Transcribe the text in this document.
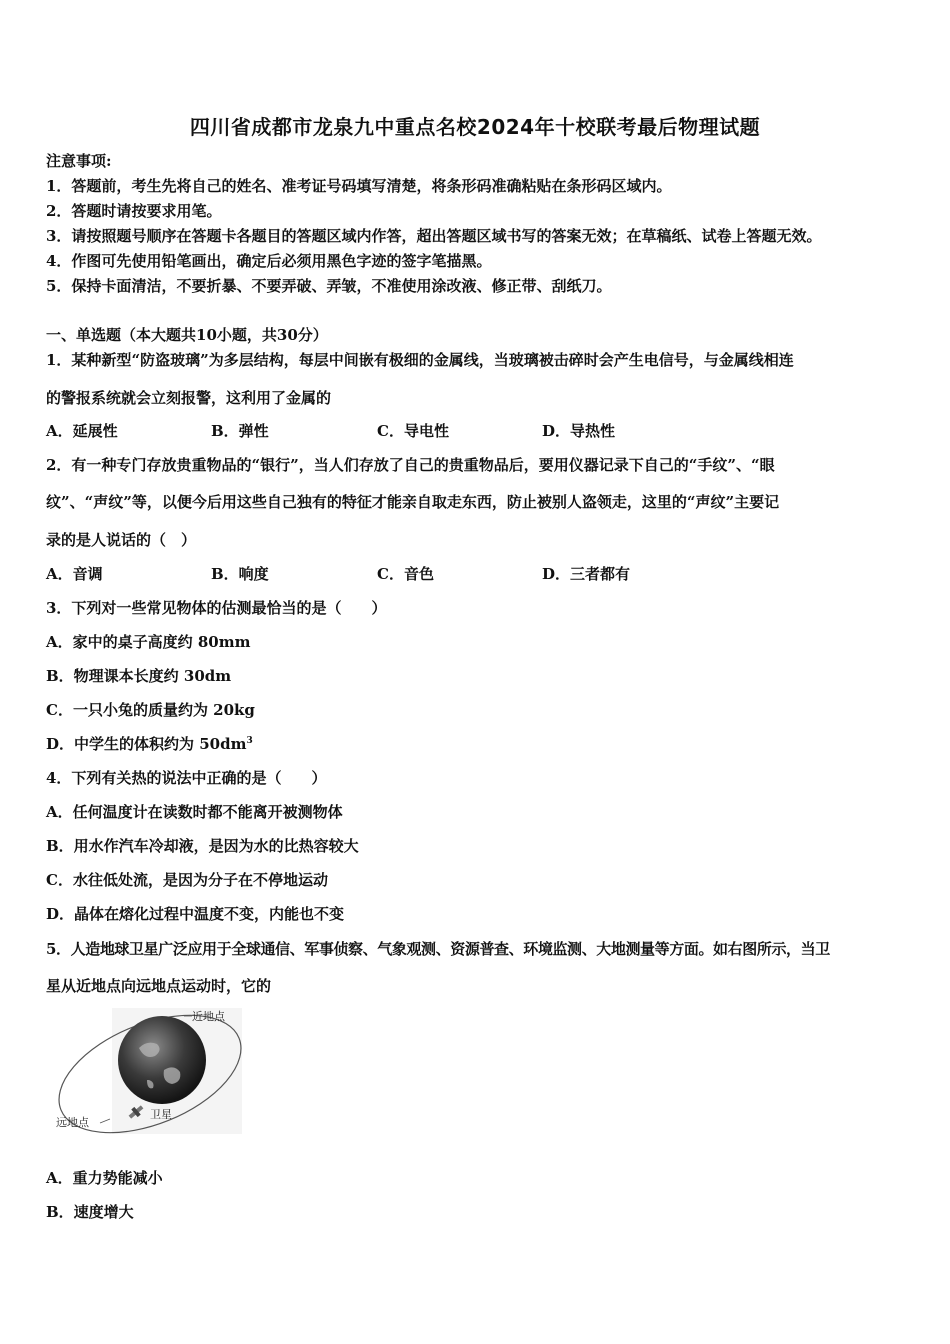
四川省成都市龙泉九中重点名校2024年十校联考最后物理试题
注意事项:
1．答题前，考生先将自己的姓名、准考证号码填写清楚，将条形码准确粘贴在条形码区域内。
2．答题时请按要求用笔。
3．请按照题号顺序在答题卡各题目的答题区域内作答，超出答题区域书写的答案无效；在草稿纸、试卷上答题无效。
4．作图可先使用铅笔画出，确定后必须用黑色字迹的签字笔描黑。
5．保持卡面清洁，不要折暴、不要弄破、弄皱，不准使用涂改液、修正带、刮纸刀。
一、单选题（本大题共10小题，共30分）
1．某种新型“防盗玻璃”为多层结构，每层中间嵌有极细的金属线，当玻璃被击碎时会产生电信号，与金属线相连
的警报系统就会立刻报警，这利用了金属的
A．延展性	B．弹性	C．导电性	D．导热性
2．有一种专门存放贵重物品的“银行”，当人们存放了自己的贵重物品后，要用仪器记录下自己的“手纹”、“眼
纹”、“声纹”等，以便今后用这些自己独有的特征才能亲自取走东西，防止被别人盗领走，这里的“声纹”主要记
录的是人说话的（　）
A．音调	B．响度	C．音色	D．三者都有
3．下列对一些常见物体的估测最恰当的是（　　）
A．家中的桌子高度约 80mm
B．物理课本长度约 30dm
C．一只小兔的质量约为 20kg
D．中学生的体积约为 $50dm^3$
4．下列有关热的说法中正确的是（　　）
A．任何温度计在读数时都不能离开被测物体
B．用水作汽车冷却液，是因为水的比热容较大
C．水往低处流，是因为分子在不停地运动
D．晶体在熔化过程中温度不变，内能也不变
5．人造地球卫星广泛应用于全球通信、军事侦察、气象观测、资源普查、环境监测、大地测量等方面。如右图所示，当卫
星从近地点向远地点运动时，它的
近地点
卫星
远地点
A．重力势能减小
B．速度增大
